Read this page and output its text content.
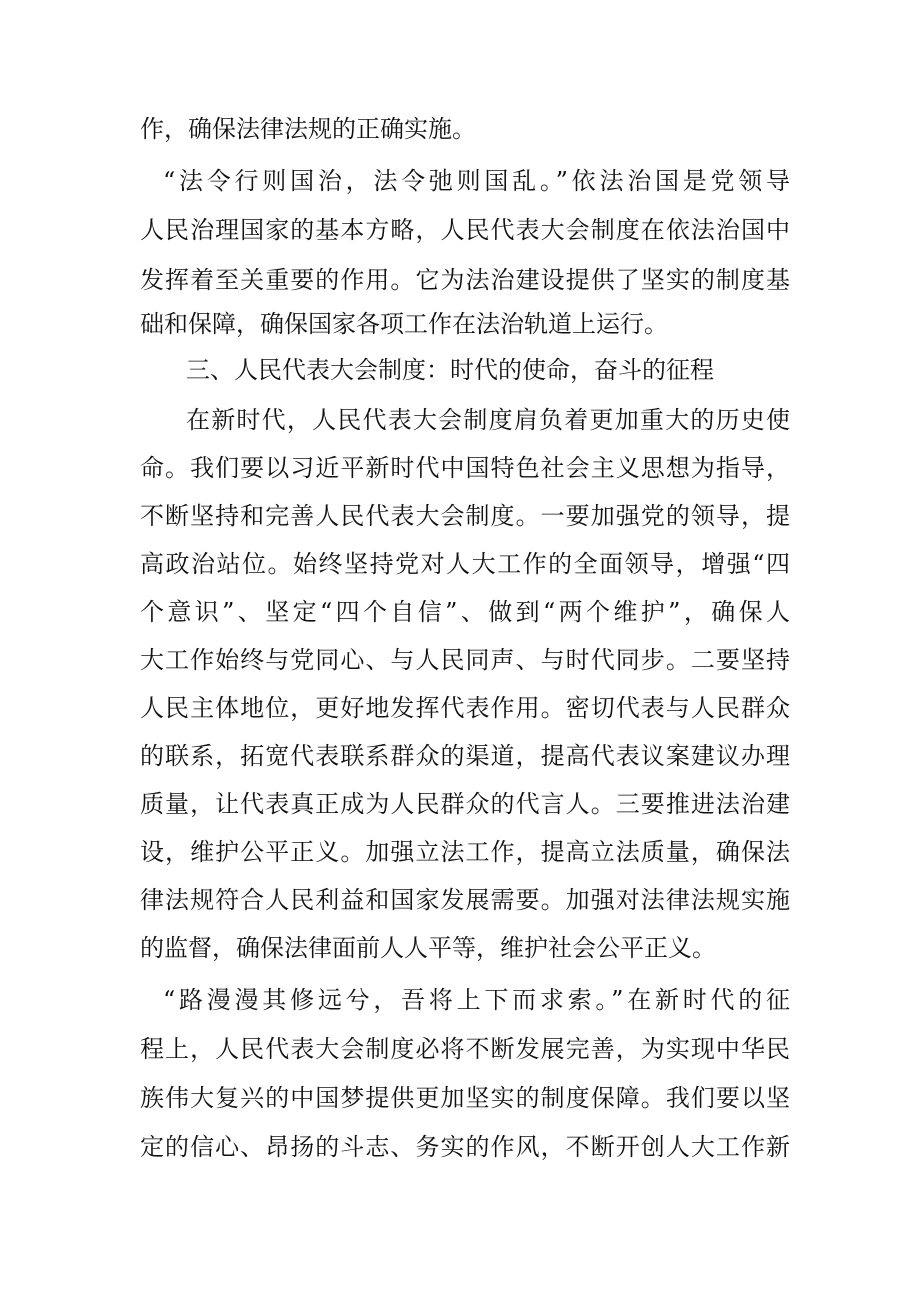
作，确保法律法规的正确实施。
“法令行则国治，法令弛则国乱。”依法治国是党领导
人民治理国家的基本方略，人民代表大会制度在依法治国中
发挥着至关重要的作用。它为法治建设提供了坚实的制度基
础和保障，确保国家各项工作在法治轨道上运行。
三、人民代表大会制度：时代的使命，奋斗的征程
在新时代，人民代表大会制度肩负着更加重大的历史使
命。我们要以习近平新时代中国特色社会主义思想为指导，
不断坚持和完善人民代表大会制度。一要加强党的领导，提
高政治站位。始终坚持党对人大工作的全面领导，增强“四
个意识”、坚定“四个自信”、做到“两个维护”，确保人
大工作始终与党同心、与人民同声、与时代同步。二要坚持
人民主体地位，更好地发挥代表作用。密切代表与人民群众
的联系，拓宽代表联系群众的渠道，提高代表议案建议办理
质量，让代表真正成为人民群众的代言人。三要推进法治建
设，维护公平正义。加强立法工作，提高立法质量，确保法
律法规符合人民利益和国家发展需要。加强对法律法规实施
的监督，确保法律面前人人平等，维护社会公平正义。
“路漫漫其修远兮，吾将上下而求索。”在新时代的征
程上，人民代表大会制度必将不断发展完善，为实现中华民
族伟大复兴的中国梦提供更加坚实的制度保障。我们要以坚
定的信心、昂扬的斗志、务实的作风，不断开创人大工作新
